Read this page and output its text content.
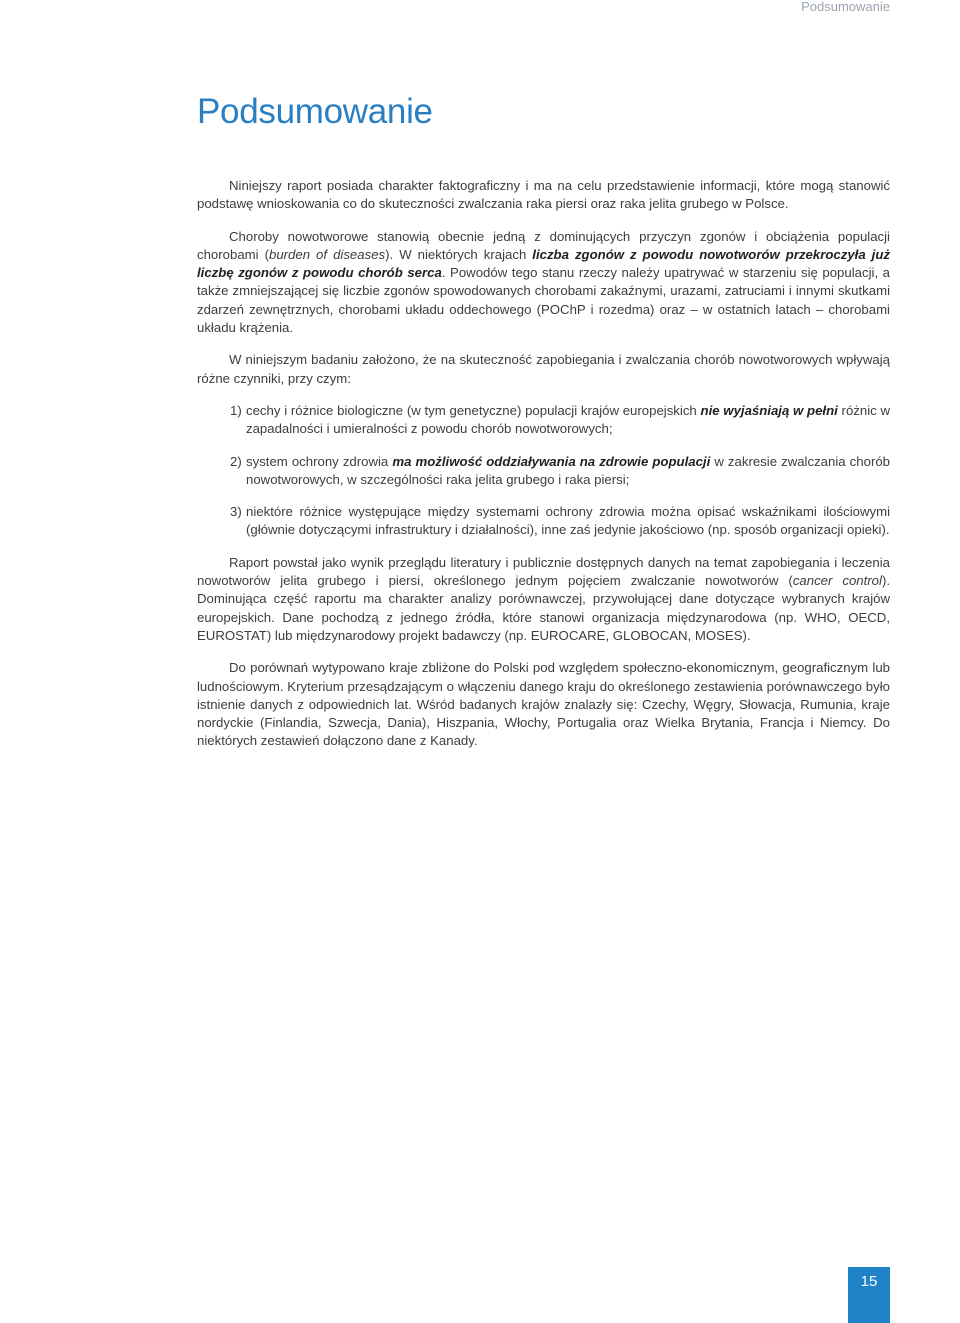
Podsumowanie
Podsumowanie

Niniejszy raport posiada charakter faktograficzny i ma na celu przedstawienie informacji, które mogą stanowić podstawę wnioskowania co do skuteczności zwalczania raka piersi oraz raka jelita grubego w Polsce.

Choroby nowotworowe stanowią obecnie jedną z dominujących przyczyn zgonów i obciążenia populacji chorobami (burden of diseases). W niektórych krajach liczba zgonów z powodu nowotworów przekroczyła już liczbę zgonów z powodu chorób serca. Powodów tego stanu rzeczy należy upatrywać w starzeniu się populacji, a także zmniejszającej się liczbie zgonów spowodowanych chorobami zakaźnymi, urazami, zatruciami i innymi skutkami zdarzeń zewnętrznych, chorobami układu oddechowego (POChP i rozedma) oraz – w ostatnich latach – chorobami układu krążenia.

W niniejszym badaniu założono, że na skuteczność zapobiegania i zwalczania chorób nowotworowych wpływają różne czynniki, przy czym:

1) cechy i różnice biologiczne (w tym genetyczne) populacji krajów europejskich nie wyjaśniają w pełni różnic w zapadalności i umieralności z powodu chorób nowotworowych;

2) system ochrony zdrowia ma możliwość oddziaływania na zdrowie populacji w zakresie zwalczania chorób nowotworowych, w szczególności raka jelita grubego i raka piersi;

3) niektóre różnice występujące między systemami ochrony zdrowia można opisać wskaźnikami ilościowymi (głównie dotyczącymi infrastruktury i działalności), inne zaś jedynie jakościowo (np. sposób organizacji opieki).

Raport powstał jako wynik przeglądu literatury i publicznie dostępnych danych na temat zapobiegania i leczenia nowotworów jelita grubego i piersi, określonego jednym pojęciem zwalczanie nowotworów (cancer control). Dominująca część raportu ma charakter analizy porównawczej, przywołującej dane dotyczące wybranych krajów europejskich. Dane pochodzą z jednego źródła, które stanowi organizacja międzynarodowa (np. WHO, OECD, EUROSTAT) lub międzynarodowy projekt badawczy (np. EUROCARE, GLOBOCAN, MOSES).

Do porównań wytypowano kraje zbliżone do Polski pod względem społeczno-ekonomicznym, geograficznym lub ludnościowym. Kryterium przesądzającym o włączeniu danego kraju do określonego zestawienia porównawczego było istnienie danych z odpowiednich lat. Wśród badanych krajów znalazły się: Czechy, Węgry, Słowacja, Rumunia, kraje nordyckie (Finlandia, Szwecja, Dania), Hiszpania, Włochy, Portugalia oraz Wielka Brytania, Francja i Niemcy. Do niektórych zestawień dołączono dane z Kanady.

15
